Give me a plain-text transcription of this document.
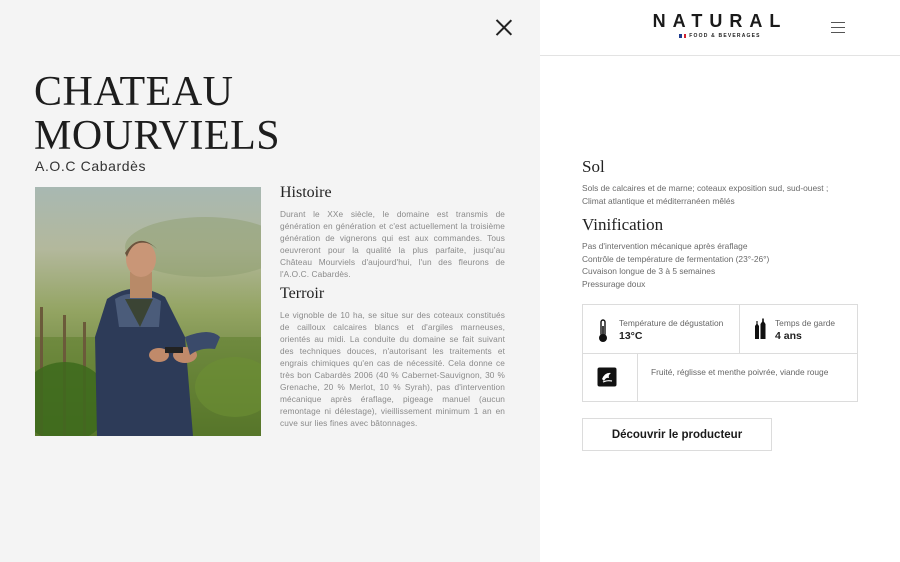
CHATEAU
MOURVIELS
A.O.C Cabardès
Histoire

Durant le XXe siècle, le domaine est transmis de génération en génération et c'est actuellement la troisième génération de vignerons qui est aux commandes. Tous oeuvreront pour la qualité la plus parfaite, jusqu'au Château Mourviels d'aujourd'hui, l'un des fleurons de l'A.O.C. Cabardès.

Terroir

Le vignoble de 10 ha, se situe sur des coteaux constitués de cailloux calcaires blancs et d'argiles marneuses, orientés au midi. La conduite du domaine se fait suivant des techniques douces, n'autorisant les traitements et engrais chimiques qu'en cas de nécessité. Cela donne ce très bon Cabardès 2006 (40 % Cabernet-Sauvignon, 30 % Grenache, 20 % Merlot, 10 % Syrah), pas d'intervention mécanique après éraflage, pigeage manuel (aucun remontage ni délestage), vieillissement minimum 1 an en cuve sur lies fines avec bâtonnages.

NATURAL
FOOD & BEVERAGES
Sol
Sols de calcaires et de marne; coteaux exposition sud, sud-ouest ;
Climat atlantique et méditerranéen mêlés
Vinification
Pas d'intervention mécanique après éraflage
Contrôle de température de fermentation (23°-26°)
Cuvaison longue de 3 à 5 semaines
Pressurage doux
Température de dégustation
13°C
Temps de garde
4 ans
Fruité, réglisse et menthe poivrée, viande rouge
Découvrir le producteur
